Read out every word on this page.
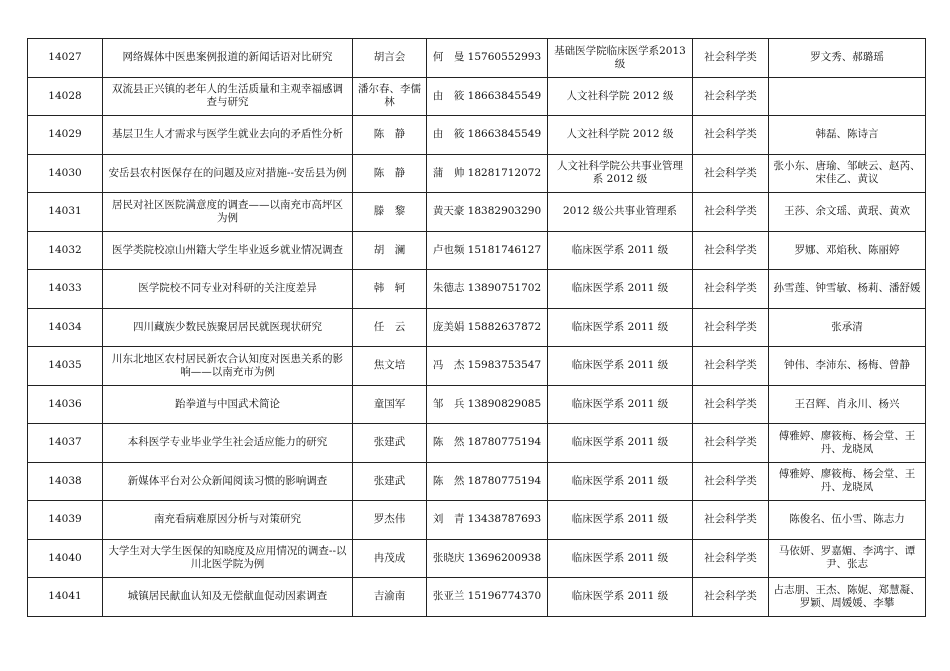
14027	网络媒体中医患案例报道的新闻话语对比研究	胡言会	何　曼 15760552993	基础医学院临床医学系2013 级	社会科学类	罗文秀、郝璐瑶
14028	双流县正兴镇的老年人的生活质量和主观幸福感调查与研究	潘尔春、李儒林	由　筱 18663845549	人文社科学院 2012 级	社会科学类	
14029	基层卫生人才需求与医学生就业去向的矛盾性分析	陈　静	由　筱 18663845549	人文社科学院 2012 级	社会科学类	韩磊、陈诗言
14030	安岳县农村医保存在的问题及应对措施--安岳县为例	陈　静	蒲　帅 18281712072	人文社科学院公共事业管理系 2012 级	社会科学类	张小东、唐瑜、邹峡云、赵芮、宋佳乙、黄议
14031	居民对社区医院满意度的调查——以南充市高坪区为例	滕　黎	黄天豪 18382903290	2012 级公共事业管理系	社会科学类	王莎、余文瑶、黄珉、黄欢
14032	医学类院校凉山州籍大学生毕业返乡就业情况调查	胡　澜	卢也频 15181746127	临床医学系 2011 级	社会科学类	罗娜、邓焰秋、陈丽婷
14033	医学院校不同专业对科研的关注度差异	韩　轲	朱德志 13890751702	临床医学系 2011 级	社会科学类	孙雪莲、钟雪敏、杨莉、潘舒媛
14034	四川藏族少数民族聚居居民就医现状研究	任　云	庞美娟 15882637872	临床医学系 2011 级	社会科学类	张承清
14035	川东北地区农村居民新农合认知度对医患关系的影响——以南充市为例	焦文培	冯　杰 15983753547	临床医学系 2011 级	社会科学类	钟伟、李沛东、杨梅、曾静
14036	跆拳道与中国武术简论	童国军	邹　兵 13890829085	临床医学系 2011 级	社会科学类	王召辉、肖永川、杨兴
14037	本科医学专业毕业学生社会适应能力的研究	张建武	陈　然 18780775194	临床医学系 2011 级	社会科学类	傅雅婷、廖筱梅、杨会堂、王丹、龙晓凤
14038	新媒体平台对公众新闻阅读习惯的影响调查	张建武	陈　然 18780775194	临床医学系 2011 级	社会科学类	傅雅婷、廖筱梅、杨会堂、王丹、龙晓凤
14039	南充看病难原因分析与对策研究	罗杰伟	刘　青 13438787693	临床医学系 2011 级	社会科学类	陈俊名、伍小雪、陈志力
14040	大学生对大学生医保的知晓度及应用情况的调查--以川北医学院为例	冉茂成	张晓庆 13696200938	临床医学系 2011 级	社会科学类	马依妍、罗嘉媚、李鸿宇、谭尹、张志
14041	城镇居民献血认知及无偿献血促动因素调查	吉渝南	张亚兰 15196774370	临床医学系 2011 级	社会科学类	占志朋、王杰、陈妮、郑慧凝、罗颖、周媛媛、李攀
